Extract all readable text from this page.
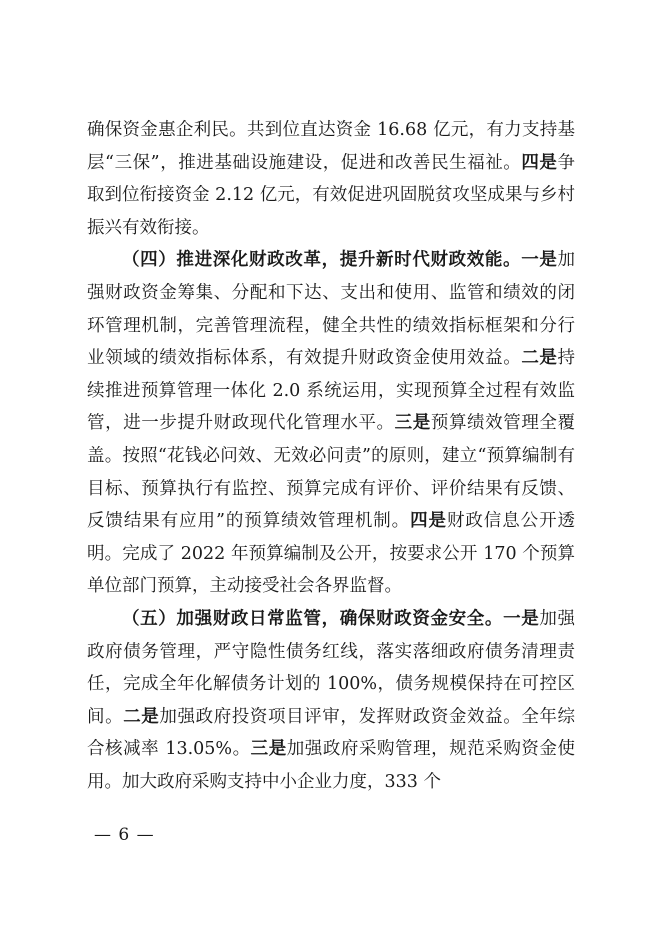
确保资金惠企利民。共到位直达资金 16.68 亿元，有力支持基层“三保”，推进基础设施建设，促进和改善民生福祉。四是争取到位衔接资金 2.12 亿元，有效促进巩固脱贫攻坚成果与乡村振兴有效衔接。

（四）推进深化财政改革，提升新时代财政效能。一是加强财政资金筹集、分配和下达、支出和使用、监管和绩效的闭环管理机制，完善管理流程，健全共性的绩效指标框架和分行业领域的绩效指标体系，有效提升财政资金使用效益。二是持续推进预算管理一体化 2.0 系统运用，实现预算全过程有效监管，进一步提升财政现代化管理水平。三是预算绩效管理全覆盖。按照“花钱必问效、无效必问责”的原则，建立“预算编制有目标、预算执行有监控、预算完成有评价、评价结果有反馈、反馈结果有应用”的预算绩效管理机制。四是财政信息公开透明。完成了 2022 年预算编制及公开，按要求公开 170 个预算单位部门预算，主动接受社会各界监督。

（五）加强财政日常监管，确保财政资金安全。一是加强政府债务管理，严守隐性债务红线，落实落细政府债务清理责任，完成全年化解债务计划的 100%，债务规模保持在可控区间。二是加强政府投资项目评审，发挥财政资金效益。全年综合核减率 13.05%。三是加强政府采购管理，规范采购资金使用。加大政府采购支持中小企业力度，333 个

— 6 —
